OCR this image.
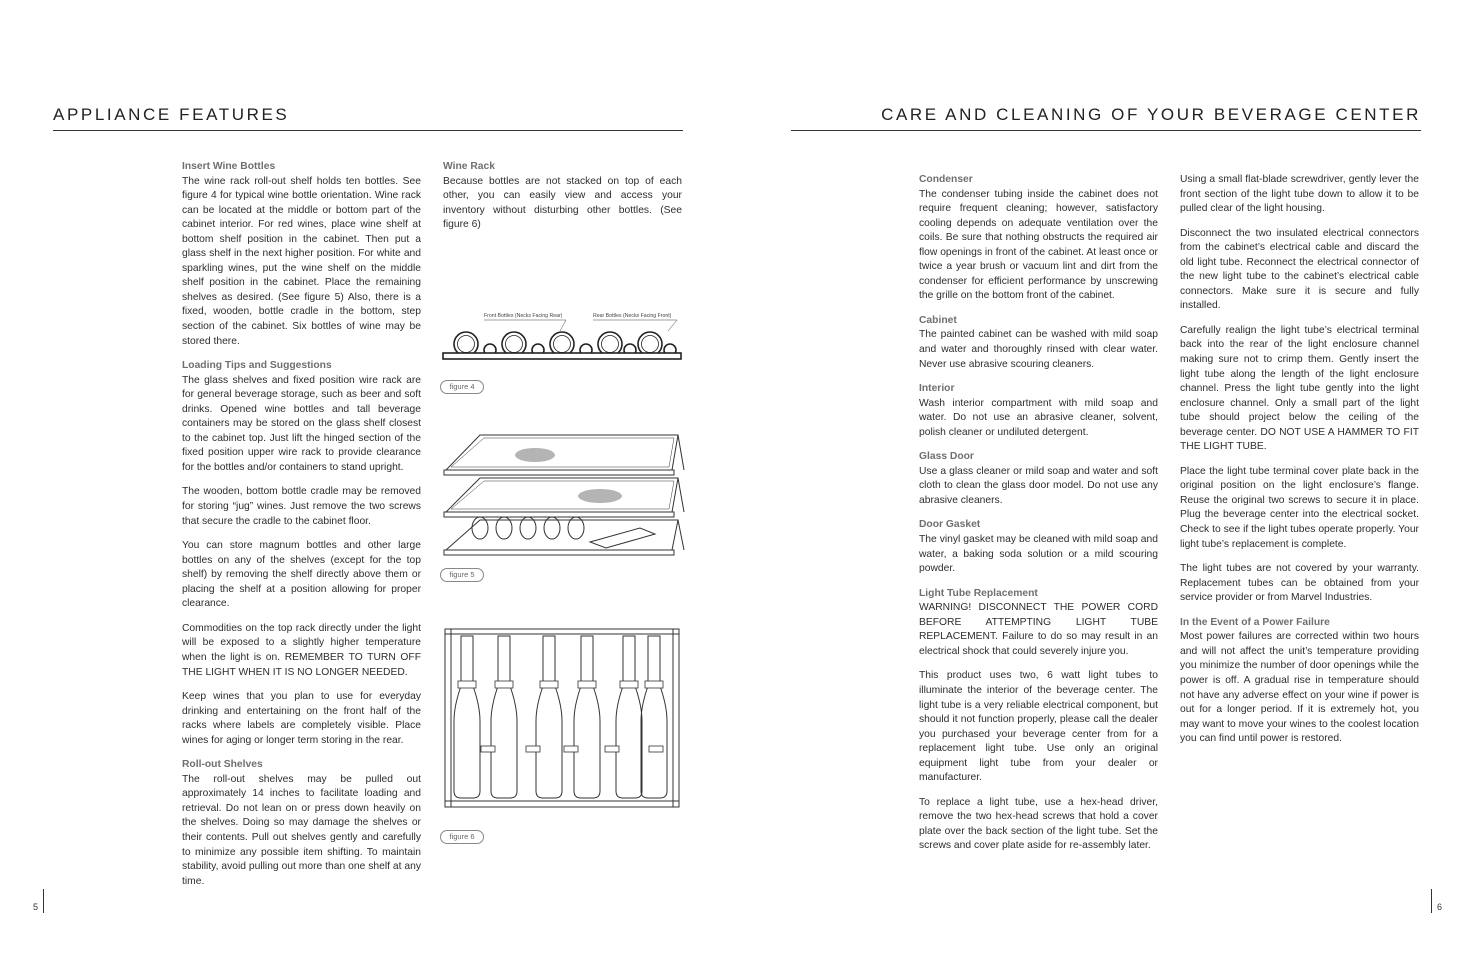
APPLIANCE FEATURES
Insert Wine Bottles

The wine rack roll-out shelf holds ten bottles. See figure 4 for typical wine bottle orientation. Wine rack can be located at the middle or bottom part of the cabinet interior. For red wines, place wine shelf at bottom shelf position in the cabinet. Then put a glass shelf in the next higher position. For white and sparkling wines, put the wine shelf on the middle shelf position in the cabinet. Place the remaining shelves as desired. (See figure 5) Also, there is a fixed, wooden, bottle cradle in the bottom, step section of the cabinet. Six bottles of wine may be stored there.

Loading Tips and Suggestions

The glass shelves and fixed position wire rack are for general beverage storage, such as beer and soft drinks. Opened wine bottles and tall beverage containers may be stored on the glass shelf closest to the cabinet top. Just lift the hinged section of the fixed position upper wire rack to provide clearance for the bottles and/or containers to stand upright.

The wooden, bottom bottle cradle may be removed for storing “jug” wines. Just remove the two screws that secure the cradle to the cabinet floor.

You can store magnum bottles and other large bottles on any of the shelves (except for the top shelf) by removing the shelf directly above them or placing the shelf at a position allowing for proper clearance.

Commodities on the top rack directly under the light will be exposed to a slightly higher temperature when the light is on. REMEMBER TO TURN OFF THE LIGHT WHEN IT IS NO LONGER NEEDED.

Keep wines that you plan to use for everyday drinking and entertaining on the front half of the racks where labels are completely visible. Place wines for aging or longer term storing in the rear.

Roll-out Shelves

The roll-out shelves may be pulled out approximately 14 inches to facilitate loading and retrieval. Do not lean on or press down heavily on the shelves. Doing so may damage the shelves or their contents. Pull out shelves gently and carefully to minimize any possible item shifting. To maintain stability, avoid pulling out more than one shelf at any time.

Wine Rack

Because bottles are not stacked on top of each other, you can easily view and access your inventory without disturbing other bottles. (See figure 6)

Front Bottles (Necks Facing Rear)	Rear Bottles (Necks Facing Front)
figure 4
figure 5
figure 6
5
CARE AND CLEANING OF YOUR BEVERAGE CENTER
Condenser

The condenser tubing inside the cabinet does not require frequent cleaning; however, satisfactory cooling depends on adequate ventilation over the coils. Be sure that nothing obstructs the required air flow openings in front of the cabinet. At least once or twice a year brush or vacuum lint and dirt from the condenser for efficient performance by unscrewing the grille on the bottom front of the cabinet.

Cabinet

The painted cabinet can be washed with mild soap and water and thoroughly rinsed with clear water. Never use abrasive scouring cleaners.

Interior

Wash interior compartment with mild soap and water. Do not use an abrasive cleaner, solvent, polish cleaner or undiluted detergent.

Glass Door

Use a glass cleaner or mild soap and water and soft cloth to clean the glass door model. Do not use any abrasive cleaners.

Door Gasket

The vinyl gasket may be cleaned with mild soap and water, a baking soda solution or a mild scouring powder.

Light Tube Replacement

WARNING! DISCONNECT THE POWER CORD BEFORE ATTEMPTING LIGHT TUBE REPLACEMENT. Failure to do so may result in an electrical shock that could severely injure you.

This product uses two, 6 watt light tubes to illuminate the interior of the beverage center. The light tube is a very reliable electrical component, but should it not function properly, please call the dealer you purchased your beverage center from for a replacement light tube. Use only an original equipment light tube from your dealer or manufacturer.

To replace a light tube, use a hex-head driver, remove the two hex-head screws that hold a cover plate over the back section of the light tube. Set the screws and cover plate aside for re-assembly later.

Using a small flat-blade screwdriver, gently lever the front section of the light tube down to allow it to be pulled clear of the light housing.

Disconnect the two insulated electrical connectors from the cabinet’s electrical cable and discard the old light tube. Reconnect the electrical connector of the new light tube to the cabinet’s electrical cable connectors. Make sure it is secure and fully installed.

Carefully realign the light tube’s electrical terminal back into the rear of the light enclosure channel making sure not to crimp them. Gently insert the light tube along the length of the light enclosure channel. Press the light tube gently into the light enclosure channel. Only a small part of the light tube should project below the ceiling of the beverage center. DO NOT USE A HAMMER TO FIT THE LIGHT TUBE.

Place the light tube terminal cover plate back in the original position on the light enclosure’s flange. Reuse the original two screws to secure it in place. Plug the beverage center into the electrical socket. Check to see if the light tubes operate properly. Your light tube’s replacement is complete.

The light tubes are not covered by your warranty. Replacement tubes can be obtained from your service provider or from Marvel Industries.

In the Event of a Power Failure

Most power failures are corrected within two hours and will not affect the unit’s temperature providing you minimize the number of door openings while the power is off. A gradual rise in temperature should not have any adverse effect on your wine if power is out for a longer period. If it is extremely hot, you may want to move your wines to the coolest location you can find until power is restored.

6
